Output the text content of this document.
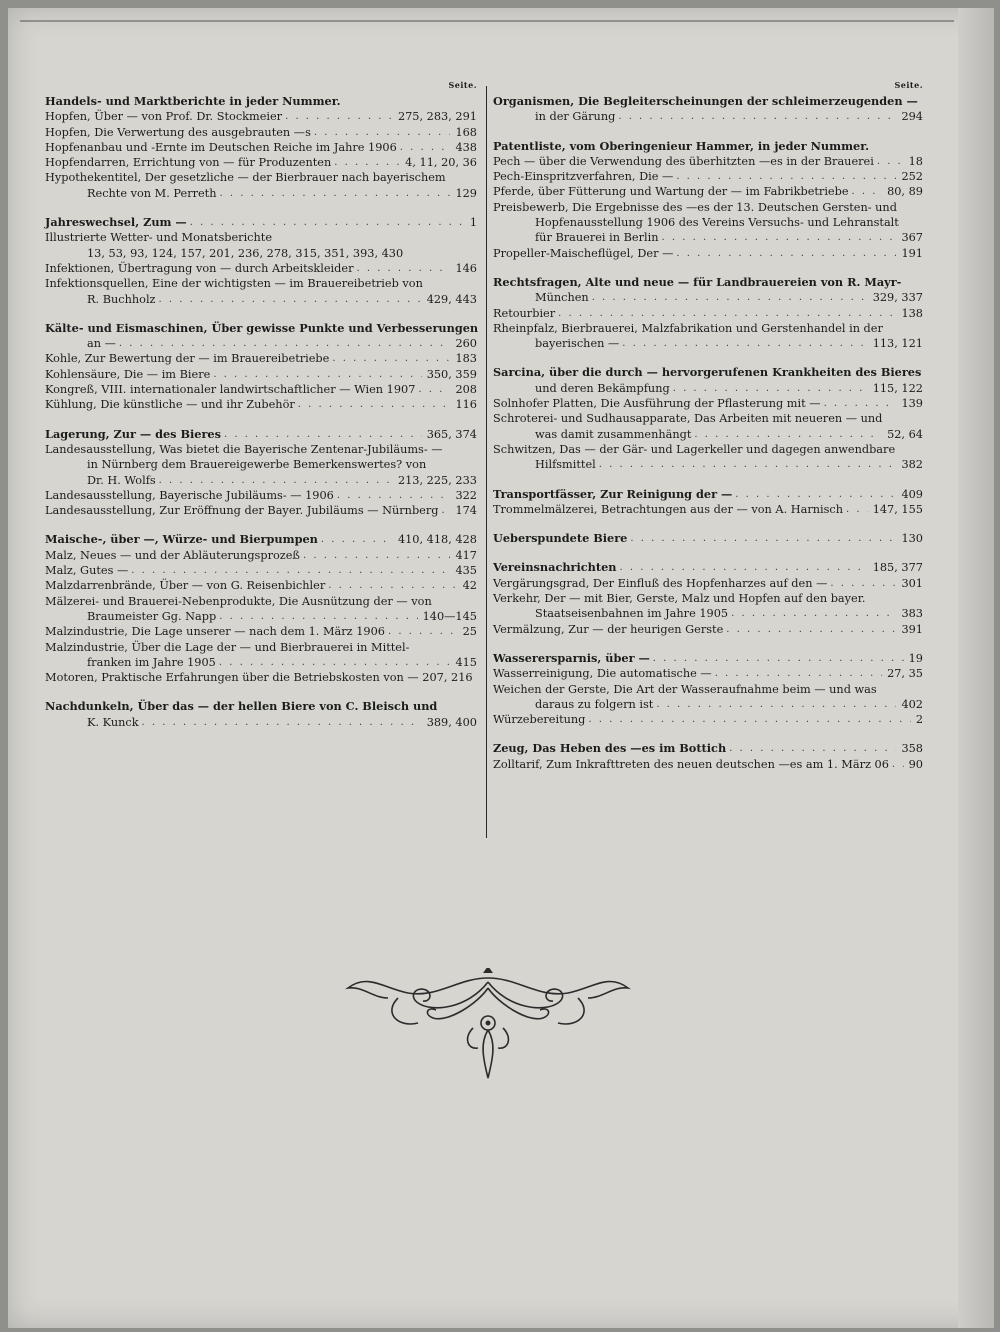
Seite.
Handels- und Marktberichte in jeder Nummer.
Hopfen, Über — von Prof. Dr. Stockmeier . . .	275, 283, 291
Hopfen, Die Verwertung des ausgebrauten —s . . .	168
Hopfenanbau und -Ernte im Deutschen Reiche im Jahre 1906 . . .	438
Hopfendarren, Errichtung von — für Produzenten . . .	4, 11, 20, 36
Hypothekentitel, Der gesetzliche — der Bierbrauer nach bayerischem
Rechte von M. Perreth . . .	129
Jahreswechsel, Zum — . . .	1
Illustrierte Wetter- und Monatsberichte
13, 53, 93, 124, 157, 201, 236, 278, 315, 351, 393, 430
Infektionen, Übertragung von — durch Arbeitskleider . . .	146
Infektionsquellen, Eine der wichtigsten — im Brauereibetrieb von
R. Buchholz . . .	429, 443
Kälte- und Eismaschinen, Über gewisse Punkte und Verbesserungen
an — . . .	260
Kohle, Zur Bewertung der — im Brauereibetriebe . . .	183
Kohlensäure, Die — im Biere . . .	350, 359
Kongreß, VIII. internationaler landwirtschaftlicher — Wien 1907 . . .	208
Kühlung, Die künstliche — und ihr Zubehör . . .	116
Lagerung, Zur — des Bieres . . .	365, 374
Landesausstellung, Was bietet die Bayerische Zentenar-Jubiläums- —
in Nürnberg dem Brauereigewerbe Bemerkenswertes? von
Dr. H. Wolfs . . .	213, 225, 233
Landesausstellung, Bayerische Jubiläums- — 1906 . . .	322
Landesausstellung, Zur Eröffnung der Bayer. Jubiläums — Nürnberg . . . 174
Maische-, über —, Würze- und Bierpumpen . . .	410, 418, 428
Malz, Neues — und der Abläuterungsprozeß . . .	417
Malz, Gutes — . . .	435
Malzdarrenbrände, Über — von G. Reisenbichler . . .	42
Mälzerei- und Brauerei-Nebenprodukte, Die Ausnützung der — von
Braumeister Gg. Napp . . .	140—145
Malzindustrie, Die Lage unserer — nach dem 1. März 1906 . . .	25
Malzindustrie, Über die Lage der — und Bierbrauerei in Mittel-
franken im Jahre 1905 . . .	415
Motoren, Praktische Erfahrungen über die Betriebskosten von — 207, 216
Nachdunkeln, Über das — der hellen Biere von C. Bleisch und
K. Kunck . . .	389, 400
Seite.
Organismen, Die Begleiterscheinungen der schleimerzeugenden —
in der Gärung . . .	294
Patentliste, vom Oberingenieur Hammer, in jeder Nummer.
Pech — über die Verwendung des überhitzten —es in der Brauerei . . .	18
Pech-Einspritzverfahren, Die — . . .	252
Pferde, über Fütterung und Wartung der — im Fabrikbetriebe . . .	80, 89
Preisbewerb, Die Ergebnisse des —es der 13. Deutschen Gersten- und
Hopfenausstellung 1906 des Vereins Versuchs- und Lehranstalt
für Brauerei in Berlin . . .	367
Propeller-Maischeflügel, Der — . . .	191
Rechtsfragen, Alte und neue — für Landbrauereien von R. Mayr-
München . . .	329, 337
Retourbier . . .	138
Rheinpfalz, Bierbrauerei, Malzfabrikation und Gerstenhandel in der
bayerischen — . . .	113, 121
Sarcina, über die durch — hervorgerufenen Krankheiten des Bieres
und deren Bekämpfung . . .	115, 122
Solnhofer Platten, Die Ausführung der Pflasterung mit — . . .	139
Schroterei- und Sudhausapparate, Das Arbeiten mit neueren — und
was damit zusammenhängt . . .	52, 64
Schwitzen, Das — der Gär- und Lagerkeller und dagegen anwendbare
Hilfsmittel . . .	382
Transportfässer, Zur Reinigung der — . . .	409
Trommelmälzerei, Betrachtungen aus der — von A. Harnisch . . .	147, 155
Ueberspundete Biere . . .	130
Vereinsnachrichten . . .	185, 377
Vergärungsgrad, Der Einfluß des Hopfenharzes auf den — . . .	301
Verkehr, Der — mit Bier, Gerste, Malz und Hopfen auf den bayer.
Staatseisenbahnen im Jahre 1905 . . .	383
Vermälzung, Zur — der heurigen Gerste . . .	391
Wasserersparnis, über — . . .	19
Wasserreinigung, Die automatische — . . .	27, 35
Weichen der Gerste, Die Art der Wasseraufnahme beim — und was
daraus zu folgern ist . . .	402
Würzebereitung . . .	2
Zeug, Das Heben des —es im Bottich . . .	358
Zolltarif, Zum Inkrafttreten des neuen deutschen —es am 1. März 06 . . . 90
